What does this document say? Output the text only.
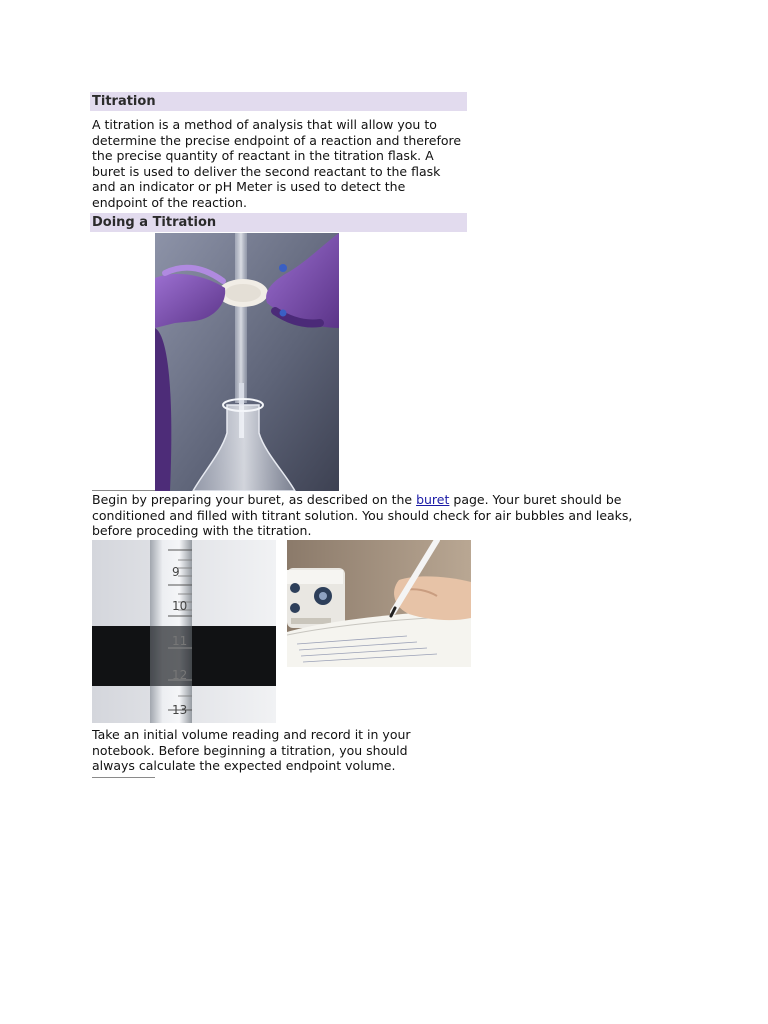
Titration

A titration is a method of analysis that will allow you to determine the precise endpoint of a reaction and therefore the precise quantity of reactant in the titration flask. A buret is used to deliver the second reactant to the flask and an indicator or pH Meter is used to detect the endpoint of the reaction.

Doing a Titration

Begin by preparing your buret, as described on the buret page. Your buret should be conditioned and filled with titrant solution. You should check for air bubbles and leaks, before proceding with the titration.

9
10
11
12
13

Take an initial volume reading and record it in your notebook. Before beginning a titration, you should always calculate the expected endpoint volume.
